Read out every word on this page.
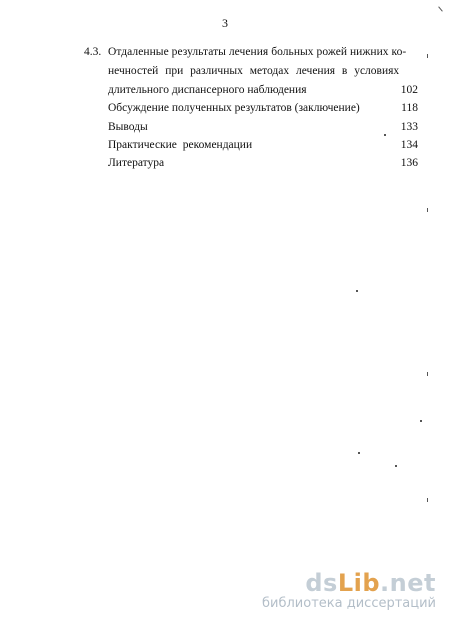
3
4.3. Отдаленные результаты лечения больных рожей нижних ко-
нечностей при различных методах лечения в условиях
длительного диспансерного наблюдения	102
Обсуждение полученных результатов (заключение)	118
Выводы	133
Практические рекомендации	134
Литература	136
dsLib.net
библиотека диссертаций
